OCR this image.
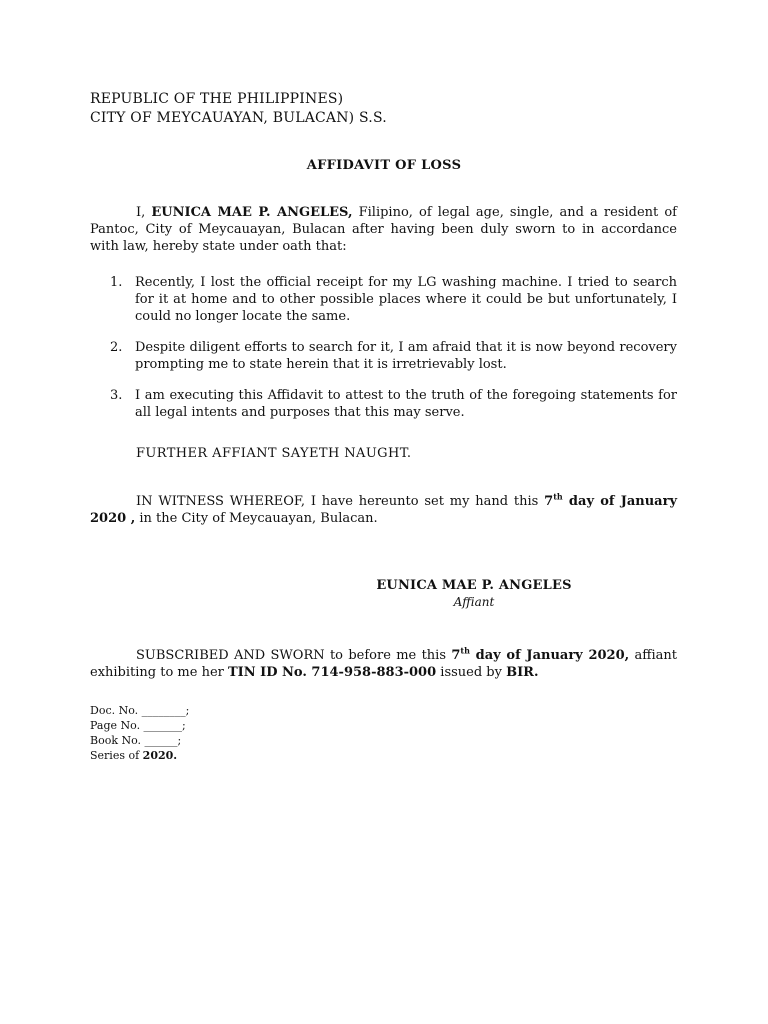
REPUBLIC OF THE PHILIPPINES)
CITY OF MEYCAUAYAN, BULACAN) S.S.
AFFIDAVIT OF LOSS
I, EUNICA MAE P. ANGELES, Filipino, of legal age, single, and a resident of Pantoc, City of Meycauayan, Bulacan after having been duly sworn to in accordance with law, hereby state under oath that:
1. Recently, I lost the official receipt for my LG washing machine. I tried to search for it at home and to other possible places where it could be but unfortunately, I could no longer locate the same.
2. Despite diligent efforts to search for it, I am afraid that it is now beyond recovery prompting me to state herein that it is irretrievably lost.
3. I am executing this Affidavit to attest to the truth of the foregoing statements for all legal intents and purposes that this may serve.
FURTHER AFFIANT SAYETH NAUGHT.
IN WITNESS WHEREOF, I have hereunto set my hand this 7th day of January 2020 , in the City of Meycauayan, Bulacan.
EUNICA MAE P. ANGELES
Affiant
SUBSCRIBED AND SWORN to before me this 7th day of January 2020, affiant exhibiting to me her TIN ID No. 714-958-883-000 issued by BIR.
Doc. No. ________;
Page No. _______;
Book No. ______;
Series of 2020.
